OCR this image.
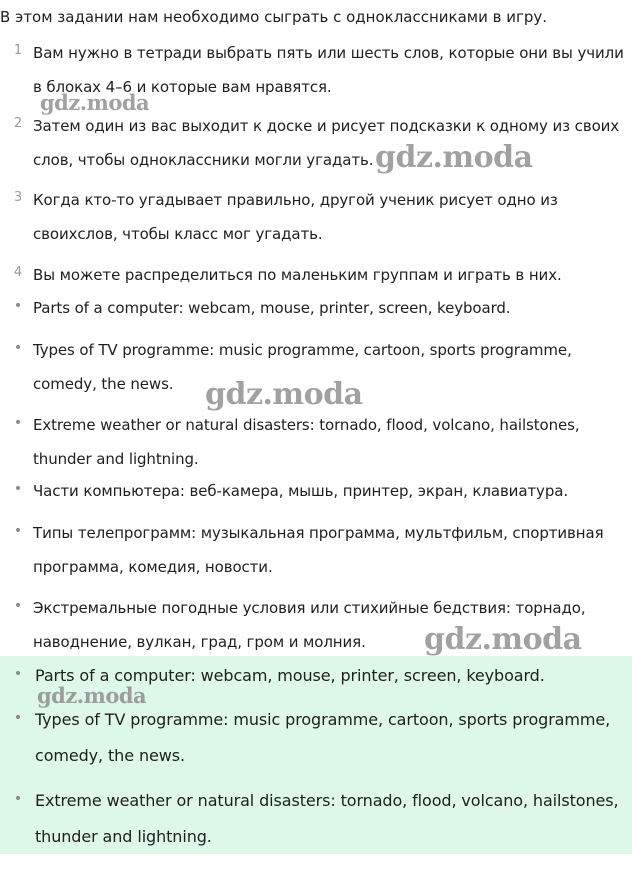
В этом задании нам необходимо сыграть с одноклассниками в игру.
1 Вам нужно в тетради выбрать пять или шесть слов, которые они вы учили в блоках 4–6 и которые вам нравятся.
2 Затем один из вас выходит к доске и рисует подсказки к одному из своих слов, чтобы одноклассники могли угадать.
3 Когда кто-то угадывает правильно, другой ученик рисует одно из своихслов, чтобы класс мог угадать.
4 Вы можете распределиться по маленьким группам и играть в них.
• Parts of a computer: webcam, mouse, printer, screen, keyboard.
• Types of TV programme: music programme, cartoon, sports programme, comedy, the news.
• Extreme weather or natural disasters: tornado, flood, volcano, hailstones, thunder and lightning.
• Части компьютера: веб-камера, мышь, принтер, экран, клавиатура.
• Типы телепрограмм: музыкальная программа, мультфильм, спортивная программа, комедия, новости.
• Экстремальные погодные условия или стихийные бедствия: торнадо, наводнение, вулкан, град, гром и молния.
• Parts of a computer: webcam, mouse, printer, screen, keyboard.
• Types of TV programme: music programme, cartoon, sports programme, comedy, the news.
• Extreme weather or natural disasters: tornado, flood, volcano, hailstones, thunder and lightning.
gdz.moda
gdz.moda
gdz.moda
gdz.moda
gdz.moda
